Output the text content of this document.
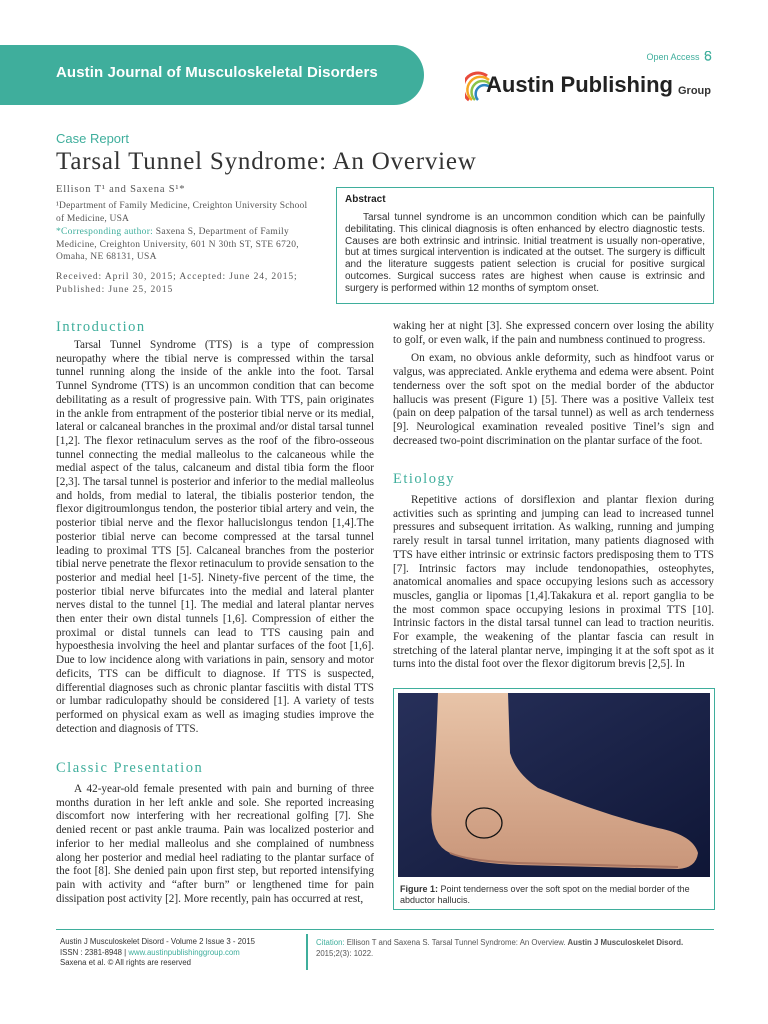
Austin Journal of Musculoskeletal Disorders
Open Access
Austin Publishing Group
Case Report
Tarsal Tunnel Syndrome: An Overview
Ellison T¹ and Saxena S¹*
¹Department of Family Medicine, Creighton University School of Medicine, USA
*Corresponding author: Saxena S, Department of Family Medicine, Creighton University, 601 N 30th ST, STE 6720, Omaha, NE 68131, USA
Received: April 30, 2015; Accepted: June 24, 2015; Published: June 25, 2015
Abstract
Tarsal tunnel syndrome is an uncommon condition which can be painfully debilitating. This clinical diagnosis is often enhanced by electro diagnostic tests. Causes are both extrinsic and intrinsic. Initial treatment is usually non-operative, but at times surgical intervention is indicated at the outset. The surgery is difficult and the literature suggests patient selection is crucial for positive surgical outcomes. Surgical success rates are highest when cause is extrinsic and surgery is performed within 12 months of symptom onset.
Introduction

Tarsal Tunnel Syndrome (TTS) is a type of compression neuropathy where the tibial nerve is compressed within the tarsal tunnel running along the inside of the ankle into the foot. Tarsal Tunnel Syndrome (TTS) is an uncommon condition that can become debilitating as a result of progressive pain. With TTS, pain originates in the ankle from entrapment of the posterior tibial nerve or its medial, lateral or calcaneal branches in the proximal and/or distal tarsal tunnel [1,2]. The flexor retinaculum serves as the roof of the fibro-osseous tunnel connecting the medial malleolus to the calcaneous while the medial aspect of the talus, calcaneum and distal tibia form the floor [2,3]. The tarsal tunnel is posterior and inferior to the medial malleolus and holds, from medial to lateral, the tibialis posterior tendon, the flexor digitroumlongus tendon, the posterior tibial artery and vein, the posterior tibial nerve and the flexor hallucislongus tendon [1,4].The posterior tibial nerve can become compressed at the tarsal tunnel leading to proximal TTS [5]. Calcaneal branches from the posterior tibial nerve penetrate the flexor retinaculum to provide sensation to the posterior and medial heel [1-5]. Ninety-five percent of the time, the posterior tibial nerve bifurcates into the medial and lateral planter nerves distal to the tunnel [1]. The medial and lateral plantar nerves then enter their own distal tunnels [1,6]. Compression of either the proximal or distal tunnels can lead to TTS causing pain and hypoesthesia involving the heel and plantar surfaces of the foot [1,6]. Due to low incidence along with variations in pain, sensory and motor deficits, TTS can be difficult to diagnose. If TTS is suspected, differential diagnoses such as chronic plantar fasciitis with distal TTS or lumbar radiculopathy should be considered [1]. A variety of tests performed on physical exam as well as imaging studies improve the detection and diagnosis of TTS.

Classic Presentation

A 42-year-old female presented with pain and burning of three months duration in her left ankle and sole. She reported increasing discomfort now interfering with her recreational golfing [7]. She denied recent or past ankle trauma. Pain was localized posterior and inferior to her medial malleolus and she complained of numbness along her posterior and medial heel radiating to the plantar surface of the foot [8]. She denied pain upon first step, but reported intensifying pain with activity and “after burn” or lengthened time for pain dissipation post activity [2]. More recently, pain has occurred at rest,

waking her at night [3]. She expressed concern over losing the ability to golf, or even walk, if the pain and numbness continued to progress.

On exam, no obvious ankle deformity, such as hindfoot varus or valgus, was appreciated. Ankle erythema and edema were absent. Point tenderness over the soft spot on the medial border of the abductor hallucis was present (Figure 1) [5]. There was a positive Valleix test (pain on deep palpation of the tarsal tunnel) as well as arch tenderness [9]. Neurological examination revealed positive Tinel’s sign and decreased two-point discrimination on the plantar surface of the foot.

Etiology

Repetitive actions of dorsiflexion and plantar flexion during activities such as sprinting and jumping can lead to increased tunnel pressures and subsequent irritation. As walking, running and jumping rarely result in tarsal tunnel irritation, many patients diagnosed with TTS have either intrinsic or extrinsic factors predisposing them to TTS [7]. Intrinsic factors may include tendonopathies, osteophytes, anatomical anomalies and space occupying lesions such as accessory muscles, ganglia or lipomas [1,4].Takakura et al. report ganglia to be the most common space occupying lesions in proximal TTS [10]. Intrinsic factors in the distal tarsal tunnel can lead to traction neuritis. For example, the weakening of the plantar fascia can result in stretching of the lateral plantar nerve, impinging it at the soft spot as it turns into the distal foot over the flexor digitorum brevis [2,5]. In

Figure 1: Point tenderness over the soft spot on the medial border of the abductor hallucis.
Austin J Musculoskelet Disord - Volume 2 Issue 3 - 2015
ISSN : 2381-8948 | www.austinpublishinggroup.com
Saxena et al. © All rights are reserved
Citation: Ellison T and Saxena S. Tarsal Tunnel Syndrome: An Overview. Austin J Musculoskelet Disord.
2015;2(3): 1022.
